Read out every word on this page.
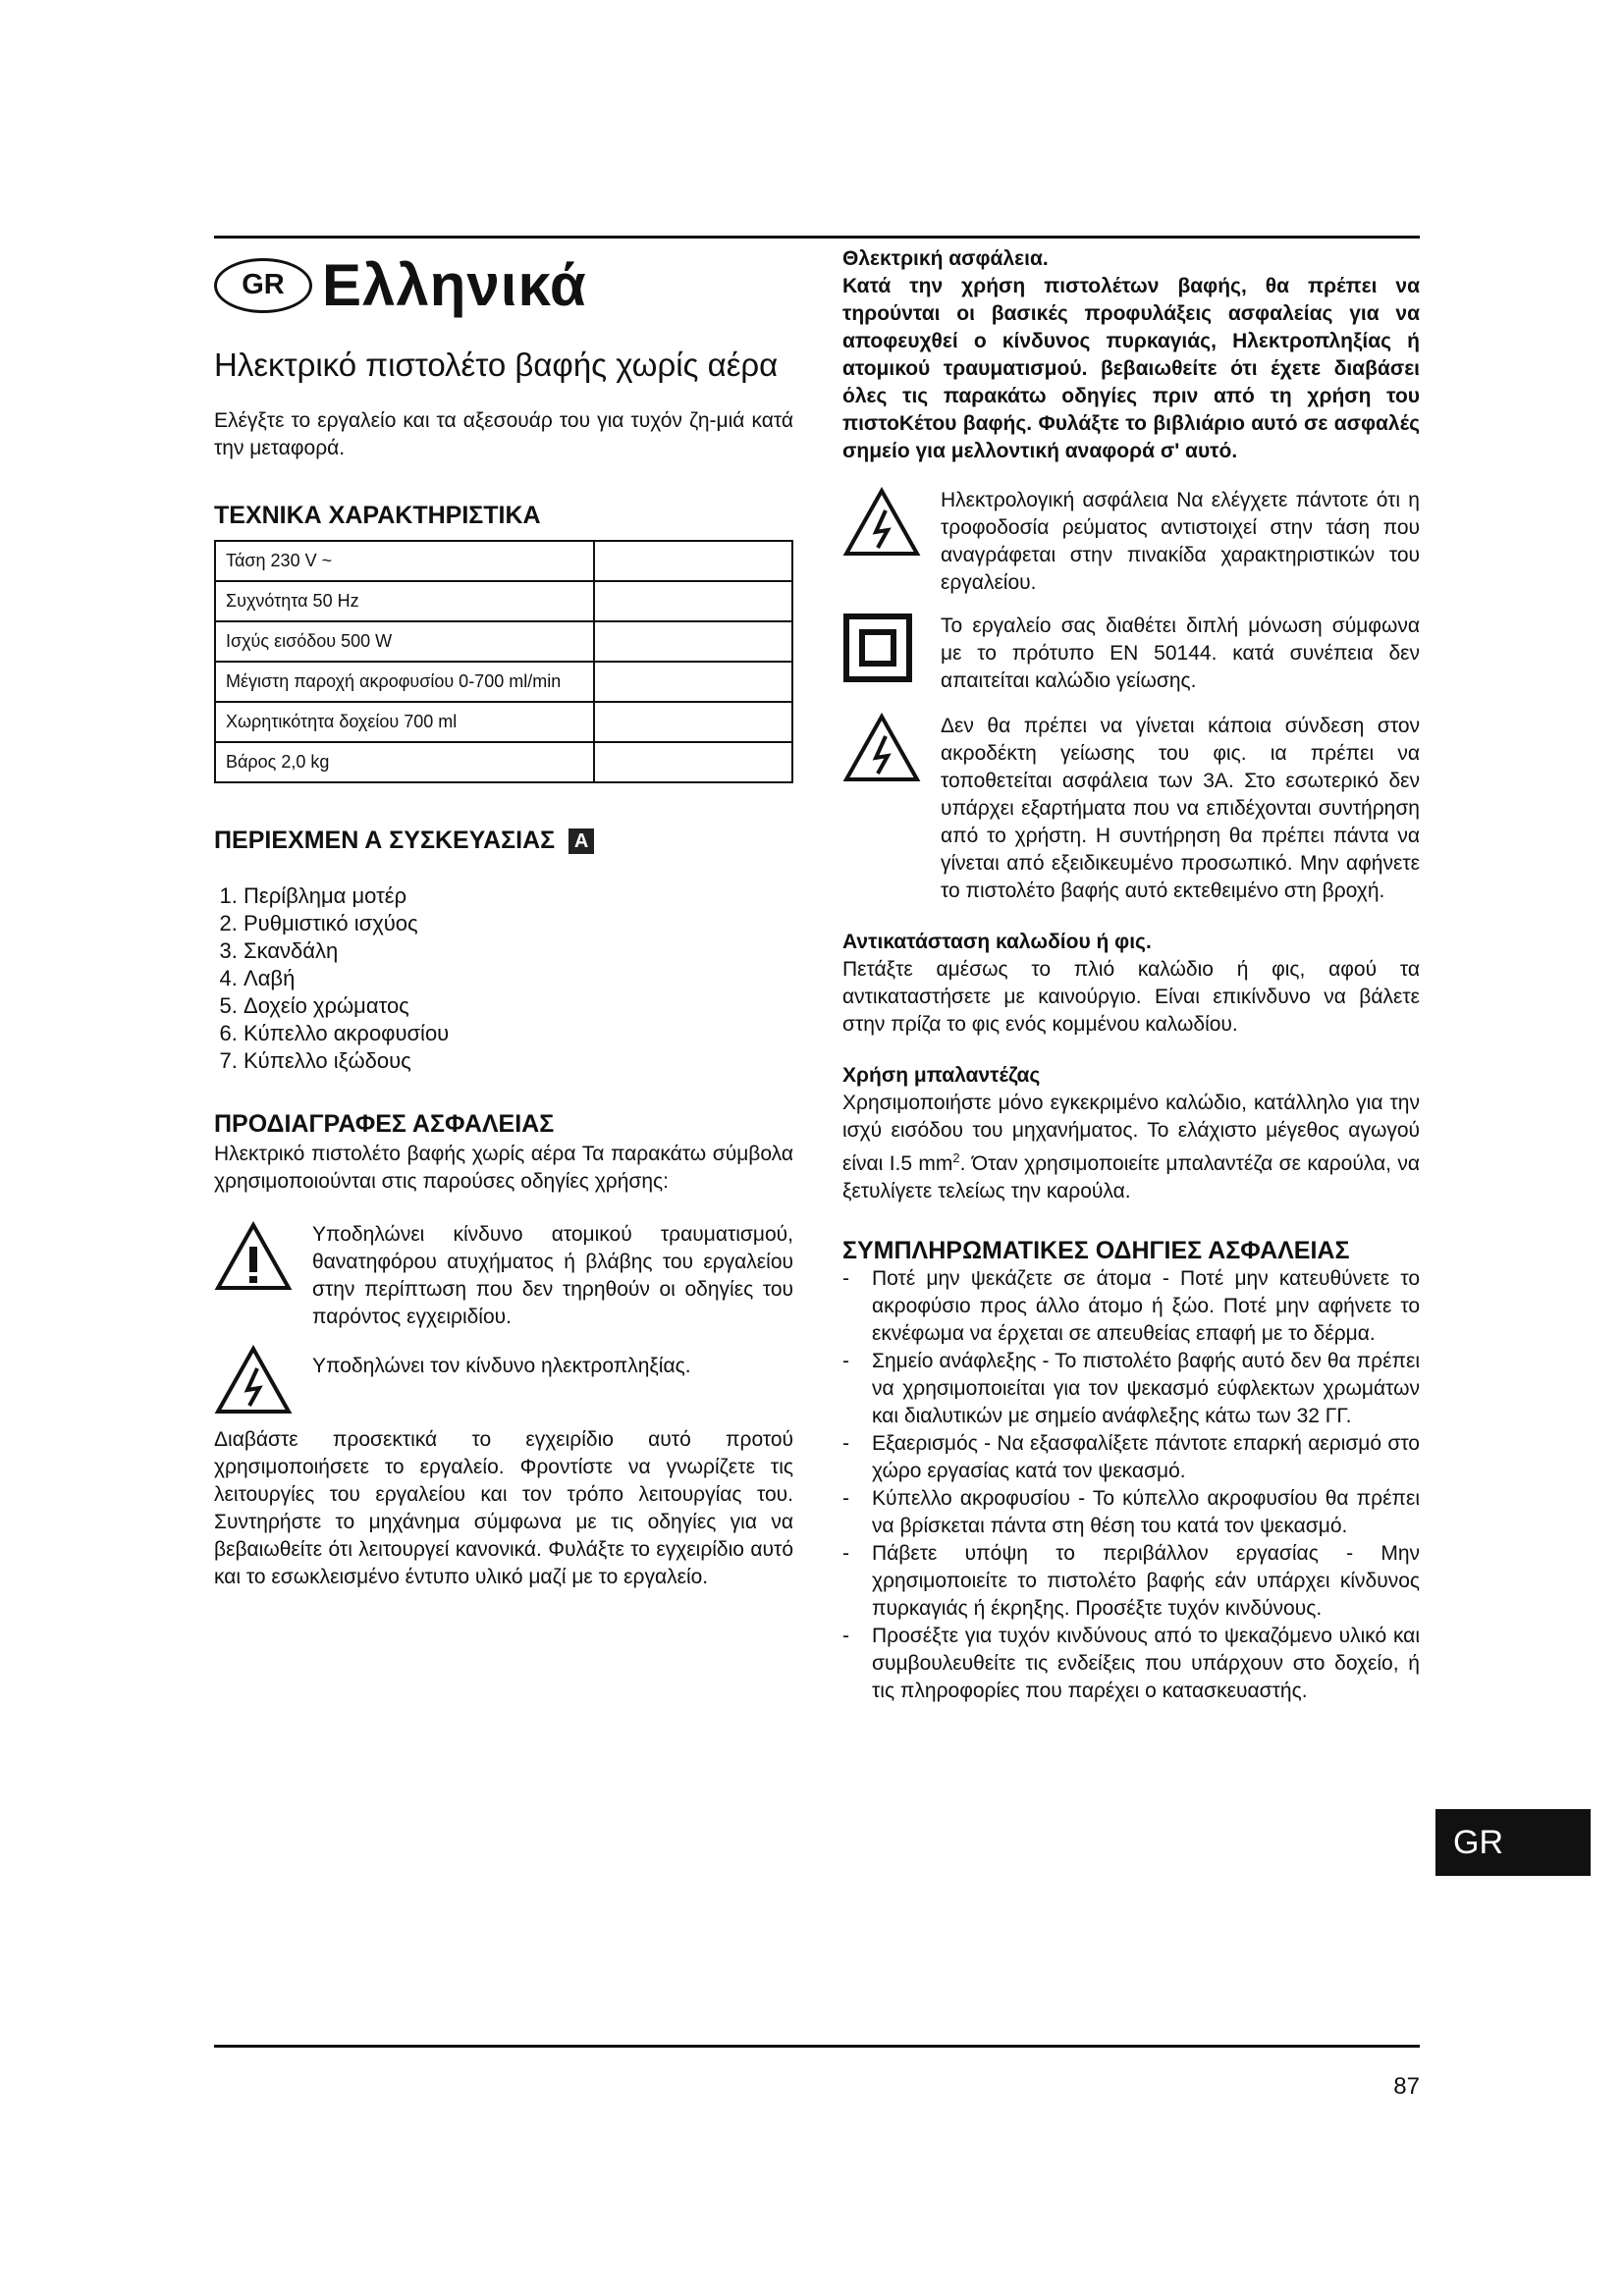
GR Ελληνικά

Ηλεκτρικό πιστολέτο βαφής χωρίς αέρα

Ελέγξτε το εργαλείο και τα αξεσουάρ του για τυχόν ζη-μιά κατά την μεταφορά.

ΤΕΧΝΙΚΑ ΧΑΡΑΚΤΗΡΙΣΤΙΚΑ
Τάση 230 V ~	
Συχνότητα 50 Hz	
Ισχύς εισόδου 500 W	
Μέγιστη παροχή ακροφυσίου 0-700 ml/min	
Χωρητικότητα δοχείου 700 ml	
Βάρος 2,0 kg	
ΠΕΡΙΕΧΜΕΝ Α ΣΥΣΚΕΥΑΣΙΑΣ A
1. Περίβλημα μοτέρ
2. Ρυθμιστικό ισχύος
3. Σκανδάλη
4. Λαβή
5. Δοχείο χρώματος
6. Κύπελλο ακροφυσίου
7. Κύπελλο ιξώδους
ΠΡΟΔΙΑΓΡΑΦΕΣ ΑΣΦΑΛΕΙΑΣ

Ηλεκτρικό πιστολέτο βαφής χωρίς αέρα Τα παρακάτω σύμβολα χρησιμοποιούνται στις παρούσες οδηγίες χρήσης:

Υποδηλώνει κίνδυνο ατομικού τραυματισμού, θανατηφόρου ατυχήματος ή βλάβης του εργαλείου στην περίπτωση που δεν τηρηθούν οι οδηγίες του παρόντος εγχειριδίου.

Υποδηλώνει τον κίνδυνο ηλεκτροπληξίας.

Διαβάστε προσεκτικά το εγχειρίδιο αυτό προτού χρησιμοποιήσετε το εργαλείο. Φροντίστε να γνωρίζετε τις λειτουργίες του εργαλείου και τον τρόπο λειτουργίας του. Συντηρήστε το μηχάνημα σύμφωνα με τις οδηγίες για να βεβαιωθείτε ότι λειτουργεί κανονικά. Φυλάξτε το εγχειρίδιο αυτό και το εσωκλεισμένο έντυπο υλικό μαζί με το εργαλείο.

Θλεκτρική ασφάλεια.

Κατά την χρήση πιστολέτων βαφής, θα πρέπει να τηρούνται οι βασικές προφυλάξεις ασφαλείας για να αποφευχθεί ο κίνδυνος πυρκαγιάς, Ηλεκτροπληξίας ή ατομικού τραυματισμού. βεβαιωθείτε ότι έχετε διαβάσει όλες τις παρακάτω οδηγίες πριν από τη χρήση του πιστοΚέτου βαφής. Φυλάξτε το βιβλιάριο αυτό σε ασφαλές σημείο για μελλοντική αναφορά σ' αυτό.

Ηλεκτρολογική ασφάλεια Να ελέγχετε πάντοτε ότι η τροφοδοσία ρεύματος αντιστοιχεί στην τάση που αναγράφεται στην πινακίδα χαρακτηριστικών του εργαλείου.

Το εργαλείο σας διαθέτει διπλή μόνωση σύμφωνα με το πρότυπο EN 50144. κατά συνέπεια δεν απαιτείται καλώδιο γείωσης.

Δεν θα πρέπει να γίνεται κάποια σύνδεση στον ακροδέκτη γείωσης του φις. ια πρέπει να τοποθετείται ασφάλεια των 3A. Στο εσωτερικό δεν υπάρχει εξαρτήματα που να επιδέχονται συντήρηση από το χρήστη. Η συντήρηση θα πρέπει πάντα να γίνεται από εξειδικευμένο προσωπικό. Μην αφήνετε το πιστολέτο βαφής αυτό εκτεθειμένο στη βροχή.

Αντικατάσταση καλωδίου ή φις.

Πετάξτε αμέσως το πλιό καλώδιο ή φις, αφού τα αντικαταστήσετε με καινούργιο. Είναι επικίνδυνο να βάλετε στην πρίζα το φις ενός κομμένου καλωδίου.

Χρήση μπαλαντέζας

Χρησιμοποιήστε μόνο εγκεκριμένο καλώδιο, κατάλληλο για την ισχύ εισόδου του μηχανήματος. Το ελάχιστο μέγεθος αγωγού είναι I.5 $mm^2$. Όταν χρησιμοποιείτε μπαλαντέζα σε καρούλα, να ξετυλίγετε τελείως την καρούλα.

ΣΥΜΠΛΗΡΩΜΑΤΙΚΕΣ ΟΔΗΓΙΕΣ ΑΣΦΑΛΕΙΑΣ
-	Ποτέ μην ψεκάζετε σε άτομα - Ποτέ μην κατευθύνετε το ακροφύσιο προς άλλο άτομο ή ξώο. Ποτέ μην αφήνετε το εκνέφωμα να έρχεται σε απευθείας επαφή με το δέρμα.
-	Σημείο ανάφλεξης - Το πιστολέτο βαφής αυτό δεν θα πρέπει να χρησιμοποιείται για τον ψεκασμό εύφλεκτων χρωμάτων και διαλυτικών με σημείο ανάφλεξης κάτω των 32 ΓΓ.
-	Εξαερισμός - Να εξασφαλίξετε πάντοτε επαρκή αερισμό στο χώρο εργασίας κατά τον ψεκασμό.
-	Κύπελλο ακροφυσίου - Το κύπελλο ακροφυσίου θα πρέπει να βρίσκεται πάντα στη θέση του κατά τον ψεκασμό.
-	Πάβετε υπόψη το περιβάλλον εργασίας - Μην χρησιμοποιείτε το πιστολέτο βαφής εάν υπάρχει κίνδυνος πυρκαγιάς ή έκρηξης. Προσέξτε τυχόν κινδύνους.
-	Προσέξτε για τυχόν κινδύνους από το ψεκαζόμενο υλικό και συμβουλευθείτε τις ενδείξεις που υπάρχουν στο δοχείο, ή τις πληροφορίες που παρέχει ο κατασκευαστής.
GR
87
